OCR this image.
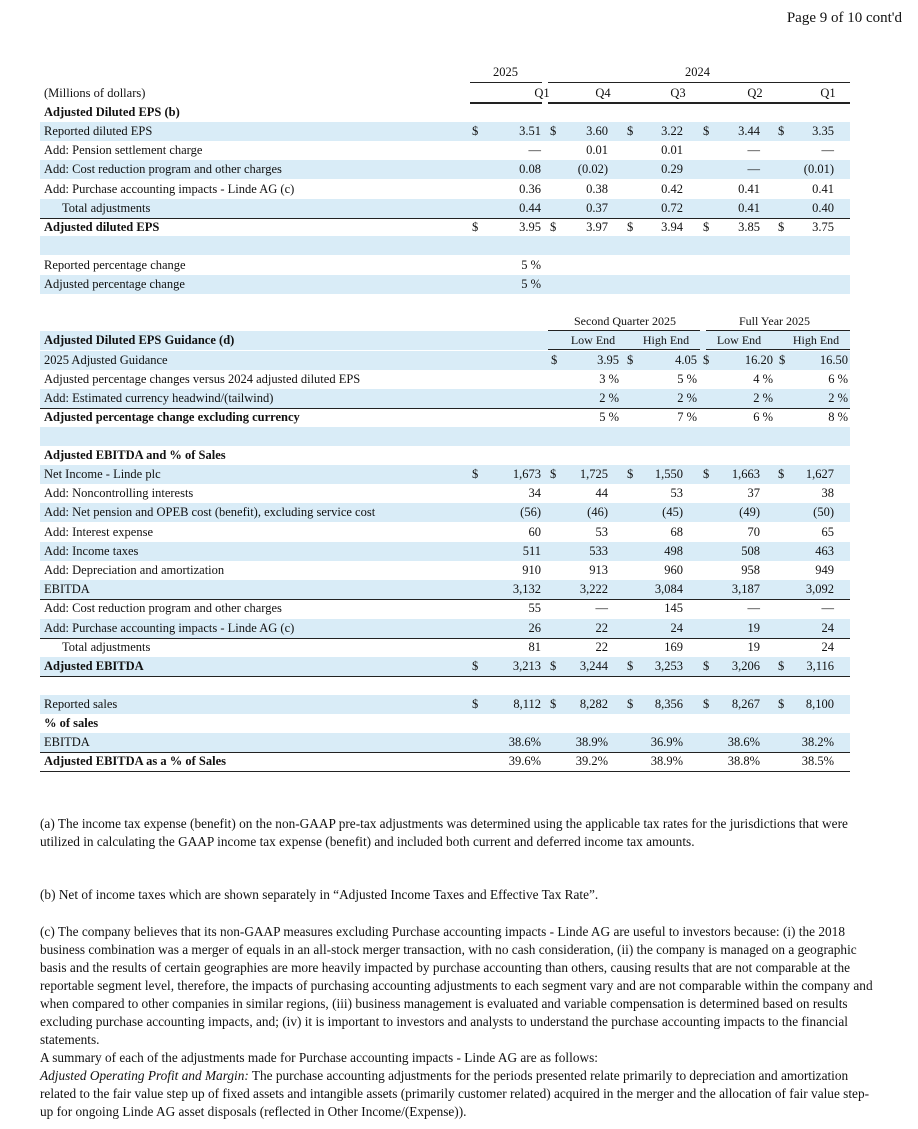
Page 9 of 10 cont'd
2025	2024
(Millions of dollars)	Q1	Q4	Q3	Q2	Q1
Adjusted Diluted EPS (b)
Reported diluted EPS	$	3.51 $	3.60 $	3.22 $	3.44 $	3.35
Add: Pension settlement charge	—	0.01	0.01	—	—
Add: Cost reduction program and other charges	0.08	(0.02)	0.29	—	(0.01)
Add: Purchase accounting impacts - Linde AG (c)	0.36	0.38	0.42	0.41	0.41
Total adjustments	0.44	0.37	0.72	0.41	0.40
Adjusted diluted EPS	$	3.95 $	3.97 $	3.94 $	3.85 $	3.75
Reported percentage change	5 %
Adjusted percentage change	5 %
Second Quarter 2025	Full Year 2025
Adjusted Diluted EPS Guidance (d)	Low End	High End	Low End	High End
2025 Adjusted Guidance	$	3.95 $	4.05 $	16.20 $	16.50
Adjusted percentage changes versus 2024 adjusted diluted EPS	3 %	5 %	4 %	6 %
Add: Estimated currency headwind/(tailwind)	2 %	2 %	2 %	2 %
Adjusted percentage change excluding currency	5 %	7 %	6 %	8 %
Adjusted EBITDA and % of Sales
Net Income - Linde plc	$	1,673 $	1,725 $	1,550 $	1,663 $	1,627
Add: Noncontrolling interests	34	44	53	37	38
Add: Net pension and OPEB cost (benefit), excluding service cost	(56)	(46)	(45)	(49)	(50)
Add: Interest expense	60	53	68	70	65
Add: Income taxes	511	533	498	508	463
Add: Depreciation and amortization	910	913	960	958	949
EBITDA	3,132	3,222	3,084	3,187	3,092
Add: Cost reduction program and other charges	55	—	145	—	—
Add: Purchase accounting impacts - Linde AG (c)	26	22	24	19	24
Total adjustments	81	22	169	19	24
Adjusted EBITDA	$	3,213 $	3,244 $	3,253 $	3,206 $	3,116
Reported sales	$	8,112 $	8,282 $	8,356 $	8,267 $	8,100
% of sales
EBITDA	38.6%	38.9%	36.9%	38.6%	38.2%
Adjusted EBITDA as a % of Sales	39.6%	39.2%	38.9%	38.8%	38.5%
(a) The income tax expense (benefit) on the non-GAAP pre-tax adjustments was determined using the applicable tax rates for the jurisdictions that were utilized in calculating the GAAP income tax expense (benefit) and included both current and deferred income tax amounts.
(b) Net of income taxes which are shown separately in “Adjusted Income Taxes and Effective Tax Rate”.
(c) The company believes that its non-GAAP measures excluding Purchase accounting impacts - Linde AG are useful to investors because: (i) the 2018 business combination was a merger of equals in an all-stock merger transaction, with no cash consideration, (ii) the company is managed on a geographic basis and the results of certain geographies are more heavily impacted by purchase accounting than others, causing results that are not comparable at the reportable segment level, therefore, the impacts of purchasing accounting adjustments to each segment vary and are not comparable within the company and when compared to other companies in similar regions, (iii) business management is evaluated and variable compensation is determined based on results excluding purchase accounting impacts, and; (iv) it is important to investors and analysts to understand the purchase accounting impacts to the financial statements.
A summary of each of the adjustments made for Purchase accounting impacts - Linde AG are as follows:
Adjusted Operating Profit and Margin: The purchase accounting adjustments for the periods presented relate primarily to depreciation and amortization related to the fair value step up of fixed assets and intangible assets (primarily customer related) acquired in the merger and the allocation of fair value step-up for ongoing Linde AG asset disposals (reflected in Other Income/(Expense)).
